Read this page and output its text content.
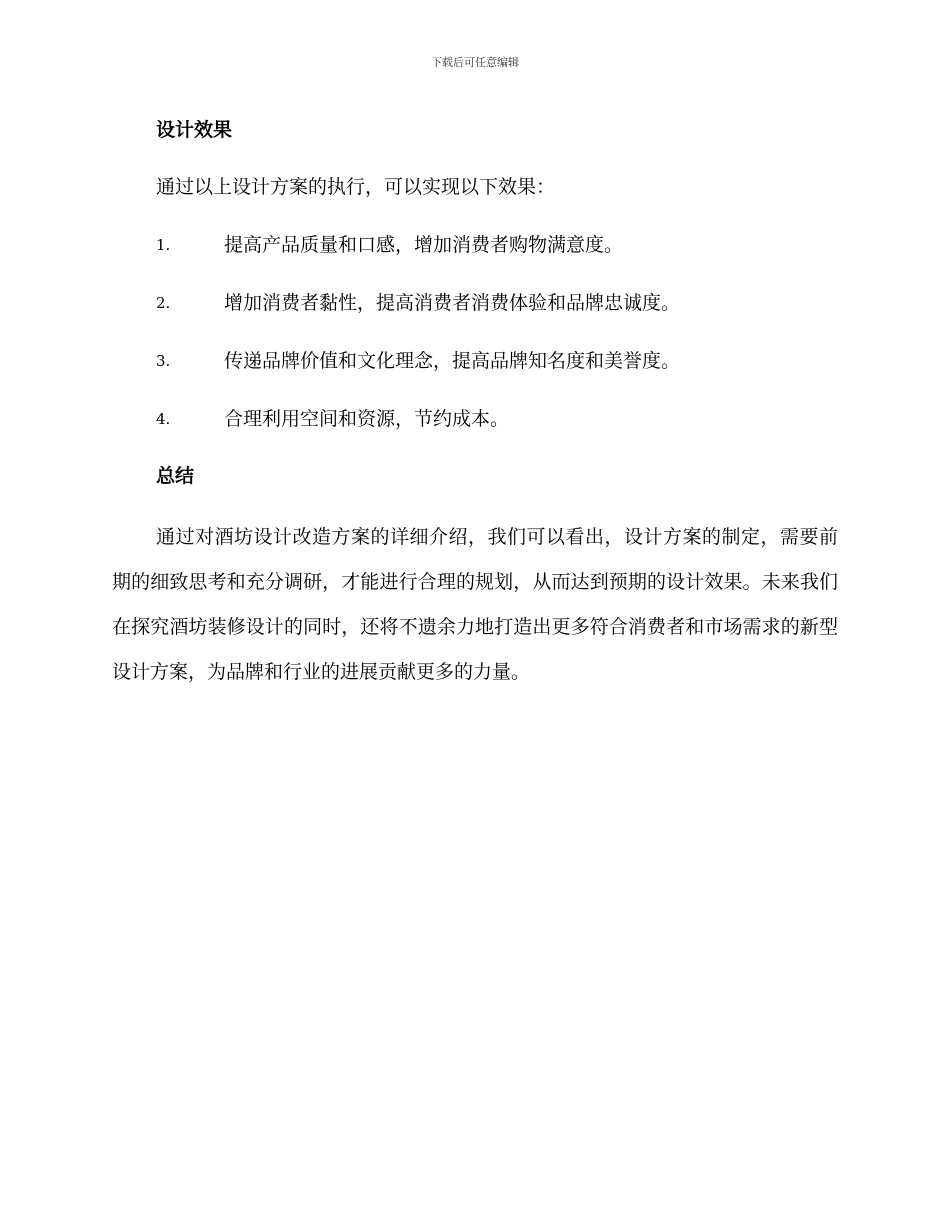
下载后可任意编辑
设计效果

通过以上设计方案的执行，可以实现以下效果：

1.	提高产品质量和口感，增加消费者购物满意度。
2.	增加消费者黏性，提高消费者消费体验和品牌忠诚度。
3.	传递品牌价值和文化理念，提高品牌知名度和美誉度。
4.	合理利用空间和资源，节约成本。
总结

通过对酒坊设计改造方案的详细介绍，我们可以看出，设计方案的制定，需要前期的细致思考和充分调研，才能进行合理的规划，从而达到预期的设计效果。未来我们在探究酒坊装修设计的同时，还将不遗余力地打造出更多符合消费者和市场需求的新型设计方案，为品牌和行业的进展贡献更多的力量。
